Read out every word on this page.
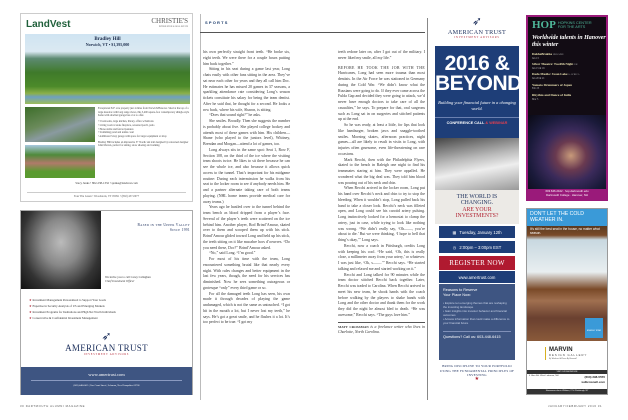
LandVest	CHRISTIE'S
INTERNATIONAL REAL ESTATE
Bradley Hill
Norwich, VT • $1,395,000
Exceptional 84+ acre property just 4 miles from Norwich/Hanover. Sited at the top of a large meadow with long range views, this 5,400 square-foot contemporary shingle-style home with attached garage has a lot to offer.
• 5 bedrooms, large kitchen, library, office w/built-ins
• Living room w/stone fireplace, screened porch, patio
• Horse stable and fenced pastures
• Swimming pond and tennis court
• Additional 3-bay garage with space for larger equipment or shop
Bradley Hill includes an impressive 3+ Nordic ski trail designed by renowned designer John Morton, perfect for skiing, snow shoeing and walking.
Stacy Jenks • 802-238-1332 • sjenks@landvest.com
Four The Green • Woodstock, VT 05091 • (802) 457-0977
Based in the Upper Valley
Since 1991
We invite you to call Carey Callaghan
Chief Investment Officer
★ Investment Management Personalized to Support Your Goals
★ Expertise in Security Analysis of US and Emerging Markets
★ Investment Programs for Institutions and High Net Worth Individuals
★ Conservative & Confidential Investment Management
➶
AMERICAN TRUST
INVESTMENT ADVISORS
www.amertrust.com
(603) 448-6415 | One Court Street | Lebanon, New Hampshire 03766
30 DARTMOUTH ALUMNI MAGAZINE	JANUARY/FEBRUARY 2016 31
SPORTS

his own perfectly straight front teeth. “He broke six, eight teeth. We were there for a couple hours putting him back together.”

Sitting in his seat during a game last year, Long chats easily with other fans sitting in the area. They’ve sat near each other for years and they all call him Doc. He estimates he has missed 20 games in 37 seasons, a sparkling attendance rate considering Long’s season tickets constitute his salary for being the team dentist. After he said that, he thought for a second. He looks a row back, where his wife, Sharon, is sitting.

“Does that sound right?” he asks.

She smiles. Broadly. Then she suggests the number is probably about five. She played college hockey and attends most of these games with him. His children—Shane (who played to the juniors level), Whitney, Brendan and Morgan—attend a lot of games, too.

Long always sits in the same spot: Seat 1, Row F, Section 108, on the third of the ice where the visiting team shoots twice. He likes to sit there because he can see the whole ice, and also because it allows quick access to the tunnel. That’s important for his midgame routine: During each intermission he walks from his seat to the locker room to see if anybody needs him. He and a partner alternate taking care of both teams playing. (NHL home teams provide medical care for away teams.)

Years ago he hustled over to the tunnel behind the team bench as blood dripped from a player’s face. Several of the player’s teeth were scattered on the ice behind him. Another player, Rod Brind’Amour, skated over to them and scooped them up with his stick. Brind’Amour glided toward Long and held up his stick, the teeth sitting on it like macabre hors d’oeuvres. “Do you need these, Doc?” Brind’Amour asked.

“No,” said Long. “I’m good.”

For most of his time with the team, Long encountered something brutal like that nearly every night. With rules changes and better equipment in the last few years, though, the need for his services has diminished. Now he sees something outrageous or grotesque “only” every third game or so.

For all the damaged teeth Long has seen, his own made it through decades of playing the game undamaged, which is not the same as untouched. “I got hit in the mouth a lot, but I never lost my teeth,” he says. He’s got a great smile, and he flashes it a lot. It’s too perfect to be true. “I got my

teeth redone later on, after I got out of the military. I never liked my smile, all my life.”

BEFORE HE TOOK THE JOB WITH THE Hurricanes, Long had seen more trauma than most dentists. In the Air Force he was stationed in Germany during the Cold War. “We didn’t know what the Russians were going to do. If they ever came across the Fulda Gap and decided they were going to attack, we’d never have enough doctors to take care of all the casualties,” he says. To prepare for that, oral surgeons such as Long sat in on surgeries and stitched patients up at the end.

So he was ready, at least a little, for lips that look like hamburger, broken jaws and snaggle-toothed smiles. Morning skates, afternoon practices, night games—all are likely to result in visits to Long, with injuries often gruesome, even life-threatening on rare occasions.

Mark Recchi, then with the Philadelphia Flyers, skated to the bench in Raleigh one night to find his teammates staring at him. They were appalled. He wondered what the big deal was. They told him blood was pouring out of his neck and chin.

When Recchi arrived in the locker room, Long put his hand over Recchi’s neck and chin to try to stop the bleeding. When it wouldn’t stop, Long pulled back his hand to take a closer look. Recchi’s neck was filleted open, and Long could see his carotid artery pulsing. Long instinctively looked for a hemostat to clamp the artery, just in case, while trying to look like nothing was wrong. “We didn’t really say, ‘Oh——, you’re about to die.’ But we were thinking, ‘I hope to hell that thing’s okay,’” Long says.

Recchi, now a coach in Pittsburgh, credits Long with keeping his cool. “He said, ‘Oh, this is really close, a millimeter away from your artery,’ or whatever. I was just like, ‘Ok, s——.’” Recchi says. “He started talking and relaxed me and started working on it.”

Recchi and Long talked for 90 minutes while the team doctor stitched Recchi back together. Later, Recchi was traded to Carolina. When Recchi arrived to meet his new team, he shook hands with the coach before walking by the players to shake hands with Long and the other doctor and thank them for the work they did the night he almost bled to death. “He was awesome,” Recchi says. “The guys love him.”

MATT CROSSMAN is a freelance writer who lives in Charlotte, North Carolina.

➶
AMERICAN TRUST
INVESTMENT ADVISORS
2016 &
BEYOND
Building your financial future in a changing world.
CONFERENCE CALL & WEBINAR
THE WORLD IS
CHANGING.
ARE YOUR
INVESTMENTS?
▦ Tuesday, January 12th
◷ 2:00pm – 3:00pm EST
REGISTER NOW
www.amertrust.com
Reasons to Reserve
Your Place Now:
• Explore ten emerging themes that are reshaping the investing landscape
• Gain insights into investor behavior and financial outcomes
• Access information that could make a difference to your financial future
Questions? Call us: 603-448-6415
BRING DISCIPLINE TO YOUR PORTFOLIO USING THE FUNDAMENTAL PRINCIPLES OF INVESTING
★
HOP HOPKINS CENTER
FOR THE ARTS
Worldwide talents in Hanover this winter
DakhaBrakha UKRAINE
Jan 13
Silver Theatre: Twelfth Night UK
Jan 15 & 16
Dada Masilo: Swan Lake S. AFRICA
Jan 20 & 21
Yamato Drummers of Japan
Feb 23
Rhythm and Dance of India
Mar 5
603.646.2422 · hop.dartmouth.edu
Dartmouth College · Hanover, NH
DON'T LET THE COLD WEATHER IN.
It's still the best seat in the house, no matter what season.
ENERGY STAR
MARVIN
DESIGN GALLERY
By Windows & Doors By Brownell
VISIT OUR SHOWROOM
4 Glen Rd. West Lebanon, NH	(603) 298-5555
wdbrownell.com
Showrooms also in Williston, VT & Plattsburgh, NY
